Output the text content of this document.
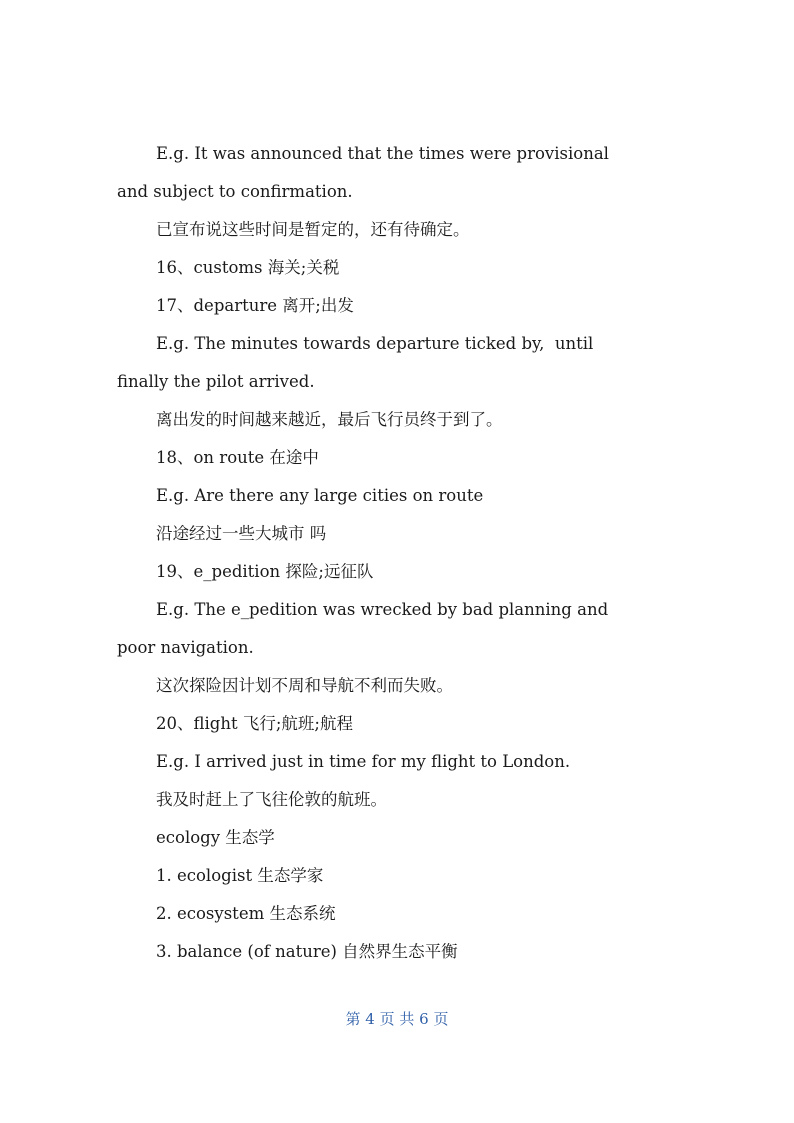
E.g. It was announced that the times were provisional
and subject to confirmation.
已宣布说这些时间是暂定的，还有待确定。
16、customs 海关;关税
17、departure 离开;出发
E.g. The minutes towards departure ticked by,  until
finally the pilot arrived.
离出发的时间越来越近，最后飞行员终于到了。
18、on route 在途中
E.g. Are there any large cities on route
沿途经过一些大城市 吗
19、e_pedition 探险;远征队
E.g. The e_pedition was wrecked by bad planning and
poor navigation.
这次探险因计划不周和导航不利而失败。
20、flight 飞行;航班;航程
E.g. I arrived just in time for my flight to London.
我及时赶上了飞往伦敦的航班。
ecology 生态学
1. ecologist 生态学家
2. ecosystem 生态系统
3. balance (of nature) 自然界生态平衡
第 4 页 共 6 页
